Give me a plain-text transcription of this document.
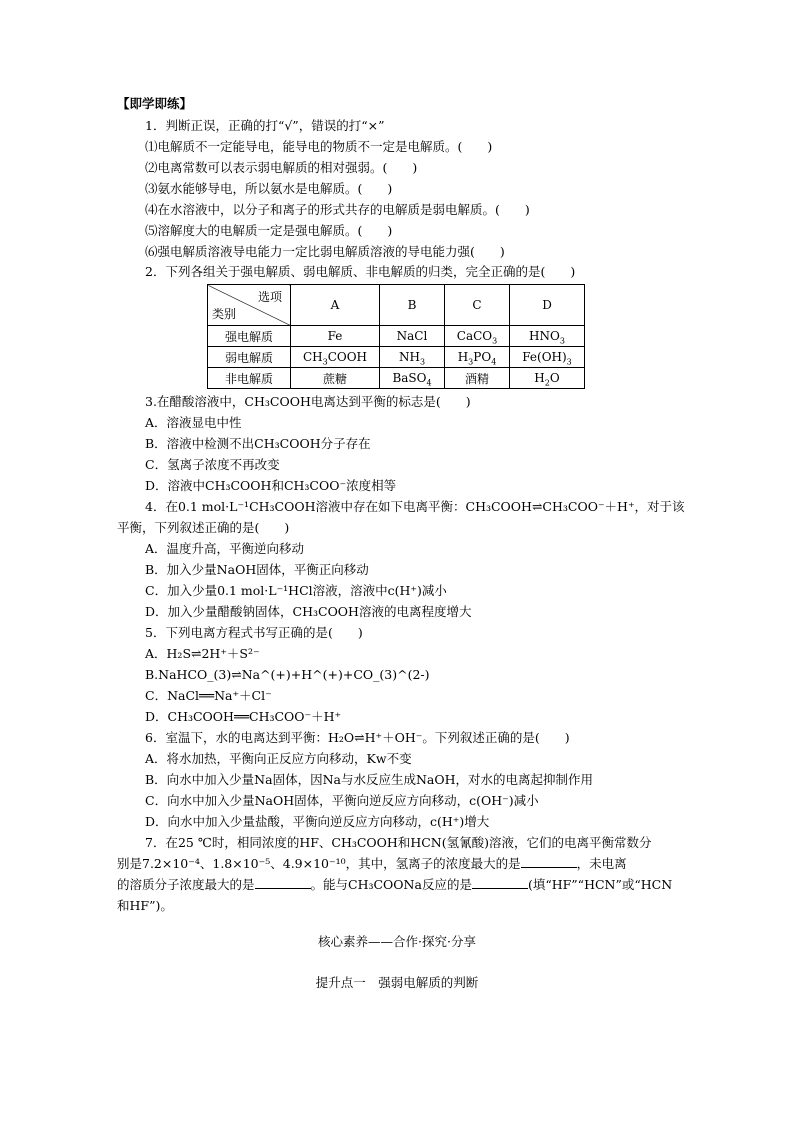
【即学即练】
1．判断正误，正确的打“√”，错误的打“×”
⑴电解质不一定能导电，能导电的物质不一定是电解质。(　　)
⑵电离常数可以表示弱电解质的相对强弱。(　　)
⑶氨水能够导电，所以氨水是电解质。(　　)
⑷在水溶液中，以分子和离子的形式共存的电解质是弱电解质。(　　)
⑸溶解度大的电解质一定是强电解质。(　　)
⑹强电解质溶液导电能力一定比弱电解质溶液的导电能力强(　　)
2．下列各组关于强电解质、弱电解质、非电解质的归类，完全正确的是(　　)
选项
类别	A	B	C	D
强电解质	Fe	NaCl	CaCO$_3$	$HNO_3$
弱电解质	$CH_3COOH$	$NH_3$	$H_3PO_4$	$Fe(OH)_3$
非电解质	蔗糖	BaSO$_4$	酒精	$H_2O$
3.在醋酸溶液中，CH₃COOH电离达到平衡的标志是(　　)
A．溶液显电中性
B．溶液中检测不出CH₃COOH分子存在
C．氢离子浓度不再改变
D．溶液中CH₃COOH和CH₃COO⁻浓度相等
4．在0.1 mol·L⁻¹CH₃COOH溶液中存在如下电离平衡：CH₃COOH⇌CH₃COO⁻＋H⁺，对于该
平衡，下列叙述正确的是(　　)
A．温度升高，平衡逆向移动
B．加入少量NaOH固体，平衡正向移动
C．加入少量0.1 mol·L⁻¹HCl溶液，溶液中c(H⁺)减小
D．加入少量醋酸钠固体，CH₃COOH溶液的电离程度增大
5．下列电离方程式书写正确的是(　　)
A．H₂S⇌2H⁺＋S²⁻
B.NaHCO_(3)⇌Na^(+)+H^(+)+CO_(3)^(2-)
C．NaCl══Na⁺＋Cl⁻
D．CH₃COOH══CH₃COO⁻＋H⁺
6．室温下，水的电离达到平衡：H₂O⇌H⁺＋OH⁻。下列叙述正确的是(　　)
A．将水加热，平衡向正反应方向移动，Kw不变
B．向水中加入少量Na固体，因Na与水反应生成NaOH，对水的电离起抑制作用
C．向水中加入少量NaOH固体，平衡向逆反应方向移动，c(OH⁻)减小
D．向水中加入少量盐酸，平衡向逆反应方向移动，c(H⁺)增大
7．在25 ℃时，相同浓度的HF、CH₃COOH和HCN(氢氰酸)溶液，它们的电离平衡常数分
别是7.2×10⁻⁴、1.8×10⁻⁵、4.9×10⁻¹⁰，其中，氢离子的浓度最大的是	，未电离
的溶质分子浓度最大的是	。能与CH₃COONa反应的是	(填“HF”“HCN”或“HCN
和HF”)。
核心素养——合作·探究·分享
提升点一　强弱电解质的判断
